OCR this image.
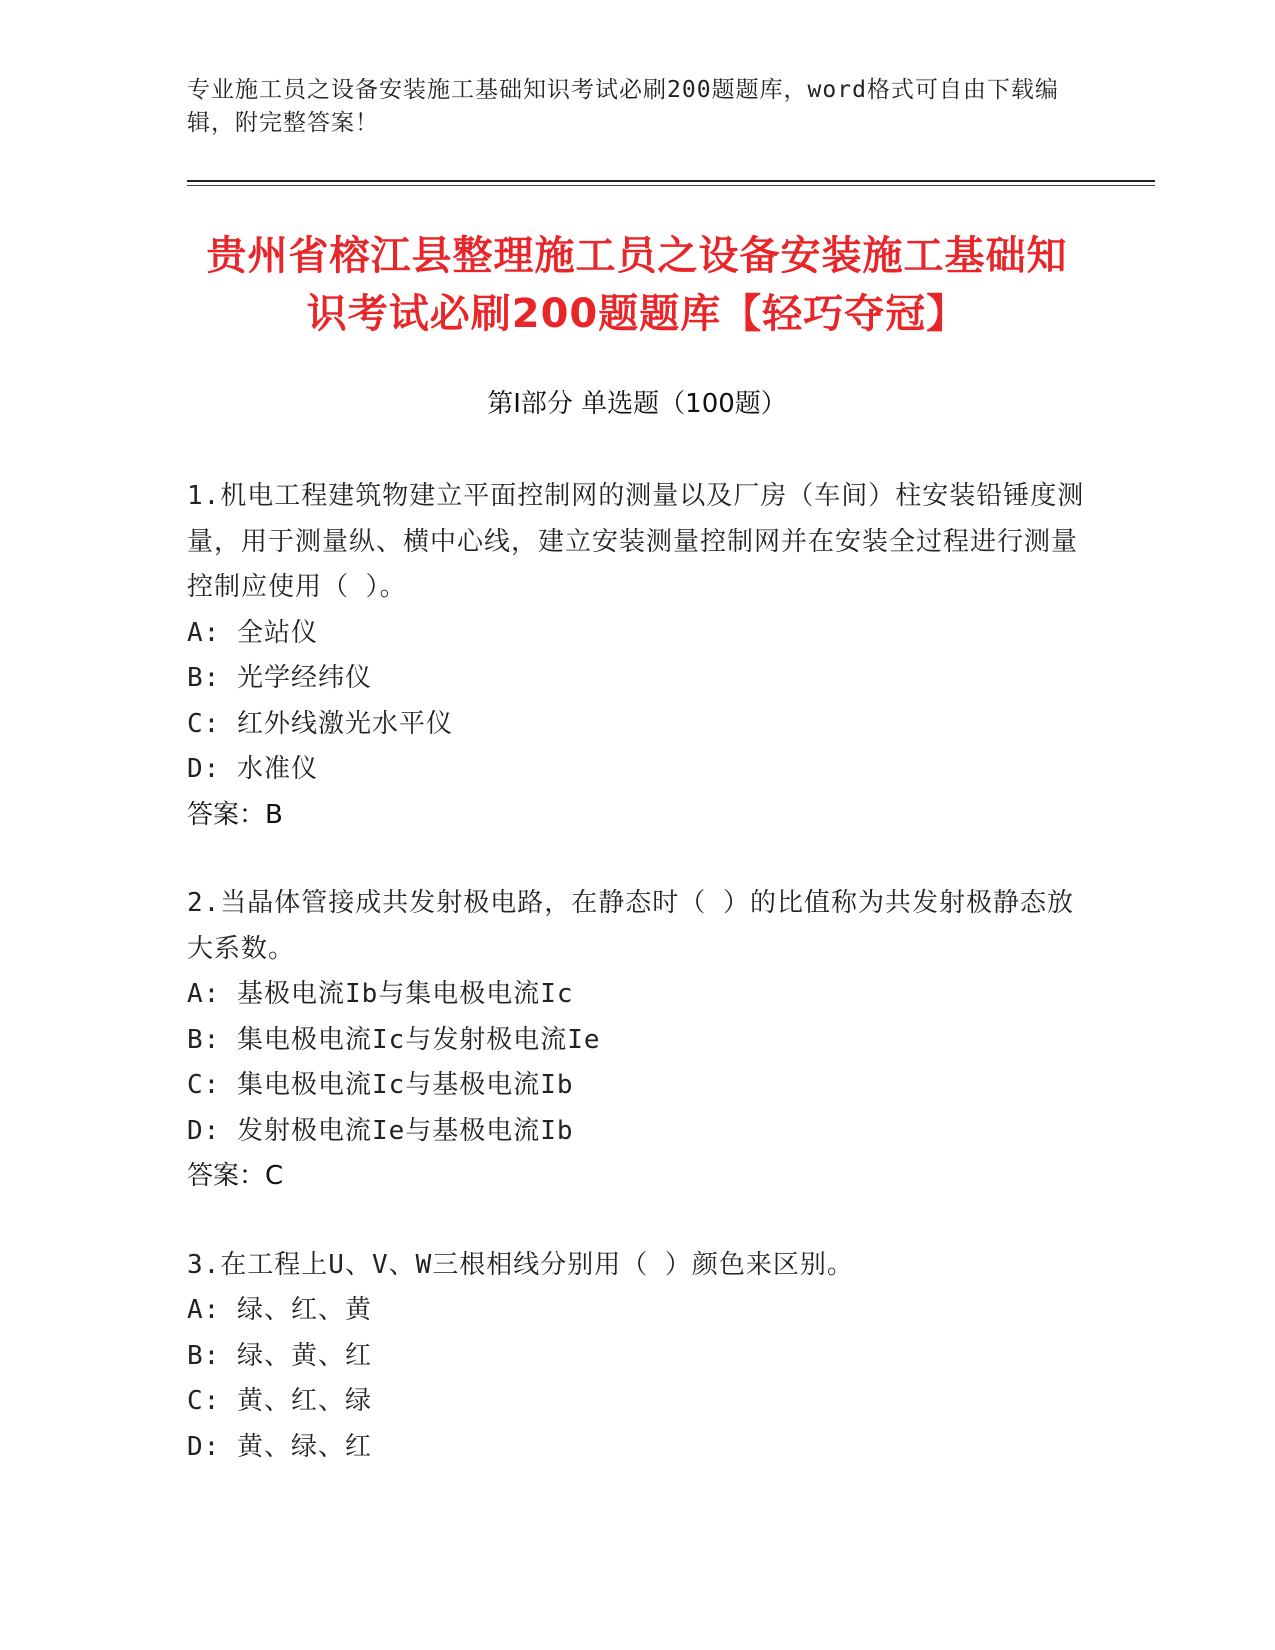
专业施工员之设备安装施工基础知识考试必刷200题题库，word格式可自由下载编辑，附完整答案！
贵州省榕江县整理施工员之设备安装施工基础知识考试必刷200题题库【轻巧夺冠】
第Ⅰ部分 单选题（100题）
1.机电工程建筑物建立平面控制网的测量以及厂房（车间）柱安装铅锤度测量，用于测量纵、横中心线，建立安装测量控制网并在安装全过程进行测量控制应使用（ ）。
A: 全站仪
B: 光学经纬仪
C: 红外线激光水平仪
D: 水准仪
答案：B
2.当晶体管接成共发射极电路，在静态时（ ）的比值称为共发射极静态放大系数。
A: 基极电流Ib与集电极电流Ic
B: 集电极电流Ic与发射极电流Ie
C: 集电极电流Ic与基极电流Ib
D: 发射极电流Ie与基极电流Ib
答案：C
3.在工程上U、V、W三根相线分别用（ ）颜色来区别。
A: 绿、红、黄
B: 绿、黄、红
C: 黄、红、绿
D: 黄、绿、红
